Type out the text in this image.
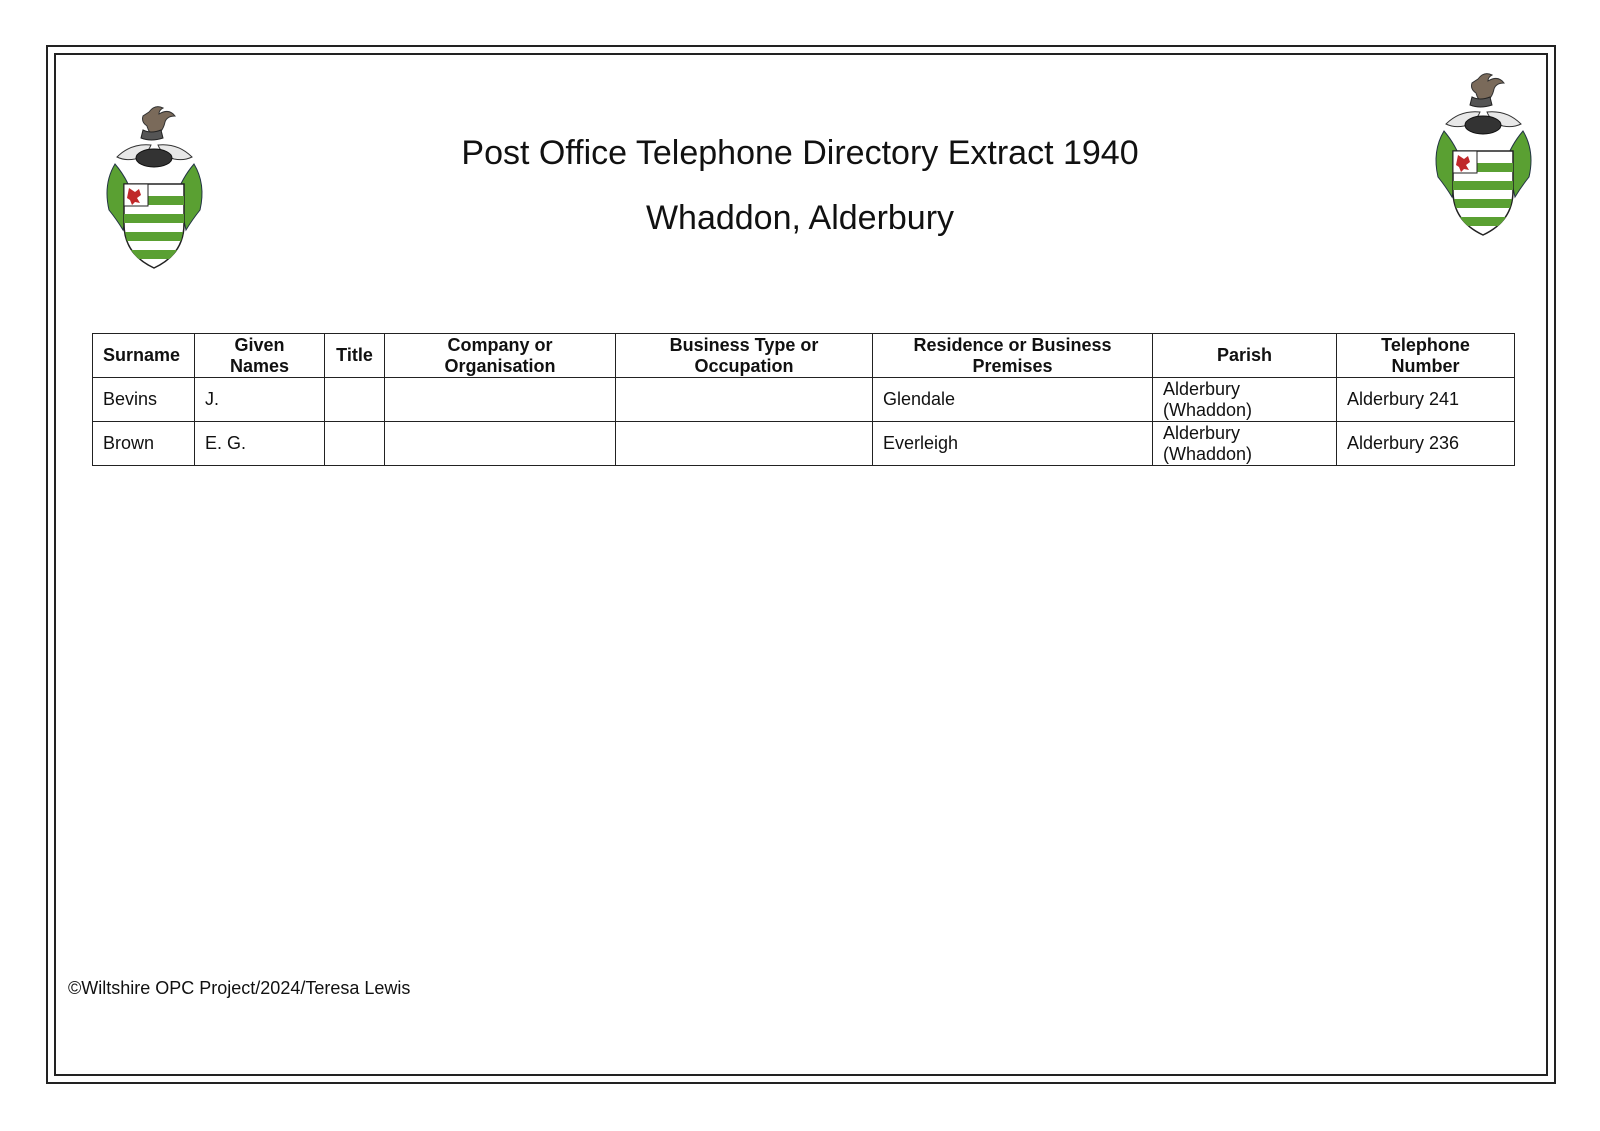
Post Office Telephone Directory Extract 1940
Whaddon, Alderbury
Surname	Given Names	Title	Company or Organisation	Business Type or Occupation	Residence or Business Premises	Parish	Telephone Number
Bevins	J.				Glendale	Alderbury (Whaddon)	Alderbury 241
Brown	E. G.				Everleigh	Alderbury (Whaddon)	Alderbury 236
©Wiltshire OPC Project/2024/Teresa Lewis
